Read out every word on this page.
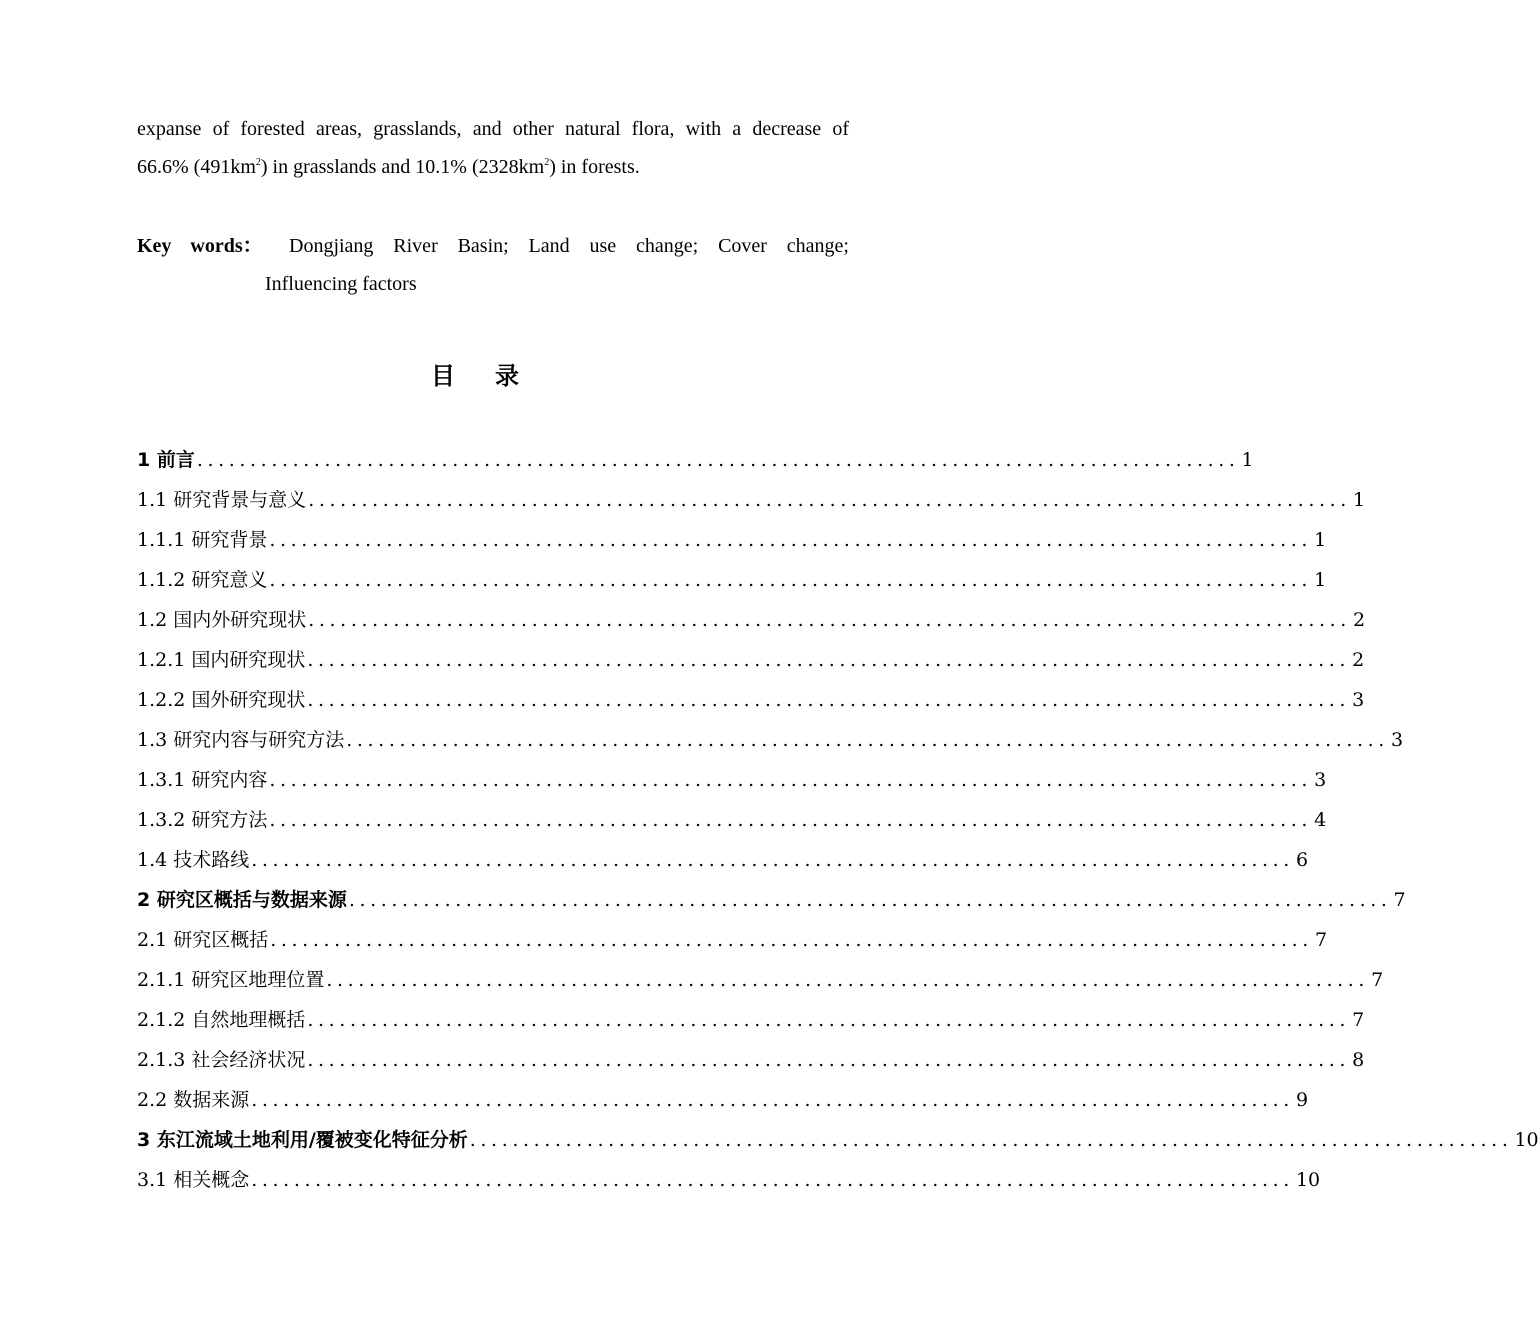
expanse of forested areas, grasslands, and other natural flora, with a decrease of
66.6% $(491km^2)$ in grasslands and 10.1% $(2328km^2)$ in forests.
Key words： Dongjiang River Basin; Land use change; Cover change;
Influencing factors
目录
1 前言 .................................................................................................. 1
1.1 研究背景与意义 .................................................................................................. 1
1.1.1 研究背景 .................................................................................................. 1
1.1.2 研究意义 .................................................................................................. 1
1.2 国内外研究现状 .................................................................................................. 2
1.2.1 国内研究现状 .................................................................................................. 2
1.2.2 国外研究现状 .................................................................................................. 3
1.3 研究内容与研究方法 .................................................................................................. 3
1.3.1 研究内容 .................................................................................................. 3
1.3.2 研究方法 .................................................................................................. 4
1.4 技术路线 .................................................................................................. 6
2 研究区概括与数据来源 .................................................................................................. 7
2.1 研究区概括 .................................................................................................. 7
2.1.1 研究区地理位置 .................................................................................................. 7
2.1.2 自然地理概括 .................................................................................................. 7
2.1.3 社会经济状况 .................................................................................................. 8
2.2 数据来源 .................................................................................................. 9
3 东江流域土地利用/覆被变化特征分析 .................................................................................................. 10
3.1 相关概念 .................................................................................................. 10
